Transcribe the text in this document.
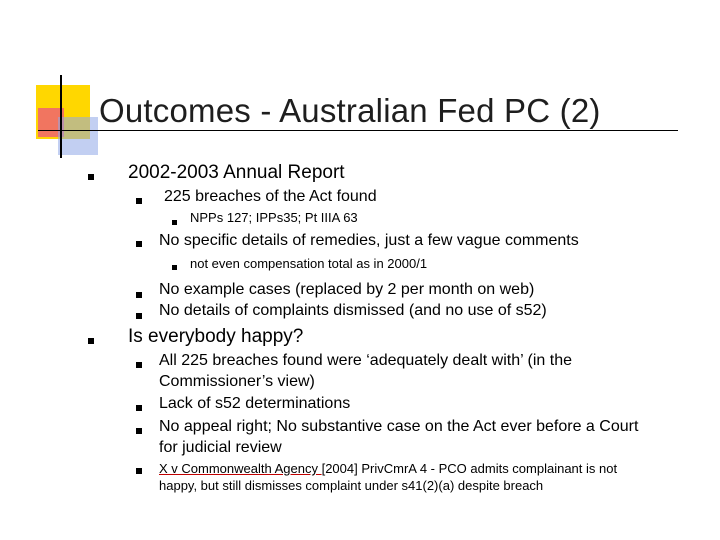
Outcomes - Australian Fed PC (2)
2002-2003 Annual Report
225 breaches of the Act found
NPPs 127; IPPs35; Pt IIIA 63
No specific details of remedies, just a few vague comments
not even compensation total as in 2000/1
No example cases (replaced by 2 per month on web)
No details of complaints dismissed (and no use of s52)
Is everybody happy?
All 225 breaches found were ‘adequately dealt with’ (in the
Commissioner’s view)
Lack of s52 determinations
No appeal right; No substantive case on the Act ever before a Court
for judicial review
X v Commonwealth Agency [2004] PrivCmrA 4 - PCO admits complainant is not
happy, but still dismisses complaint under s41(2)(a) despite breach
